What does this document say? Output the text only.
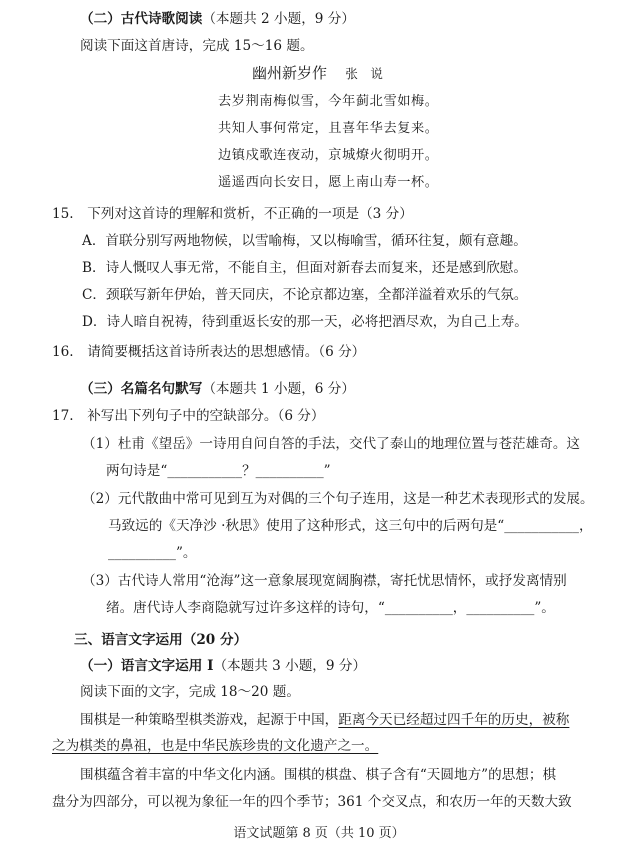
（二）古代诗歌阅读（本题共 2 小题，9 分）
阅读下面这首唐诗，完成 15～16 题。
幽州新岁作 张　说
去岁荆南梅似雪，今年蓟北雪如梅。
共知人事何常定，且喜年华去复来。
边镇戍歌连夜动，京城燎火彻明开。
遥遥西向长安日，愿上南山寿一杯。
15.　下列对这首诗的理解和赏析，不正确的一项是（3 分）
A．首联分别写两地物候，以雪喻梅，又以梅喻雪，循环往复，颇有意趣。
B．诗人慨叹人事无常，不能自主，但面对新春去而复来，还是感到欣慰。
C．颈联写新年伊始，普天同庆，不论京都边塞，全都洋溢着欢乐的气氛。
D．诗人暗自祝祷，待到重返长安的那一天，必将把酒尽欢，为自己上寿。
16.　请简要概括这首诗所表达的思想感情。（6 分）
（三）名篇名句默写（本题共 1 小题，6 分）
17.　补写出下列句子中的空缺部分。（6 分）
（1）杜甫《望岳》一诗用自问自答的手法，交代了泰山的地理位置与苍茫雄奇。这
两句诗是“___________？__________”
（2）元代散曲中常可见到互为对偶的三个句子连用，这是一种艺术表现形式的发展。
马致远的《天净沙 ·秋思》使用了这种形式，这三句中的后两句是“___________，
__________”。
（3）古代诗人常用“沧海”这一意象展现宽阔胸襟，寄托忧思情怀，或抒发离情别
绪。唐代诗人李商隐就写过许多这样的诗句，“__________，__________”。
三、语言文字运用（20 分）
（一）语言文字运用 I（本题共 3 小题，9 分）
阅读下面的文字，完成 18～20 题。
围棋是一种策略型棋类游戏，起源于中国，距离今天已经超过四千年的历史，被称
之为棋类的鼻祖，也是中华民族珍贵的文化遗产之一。
围棋蕴含着丰富的中华文化内涵。围棋的棋盘、棋子含有“天圆地方”的思想；棋
盘分为四部分，可以视为象征一年的四个季节；361 个交叉点，和农历一年的天数大致
语文试题第 8 页（共 10 页）
